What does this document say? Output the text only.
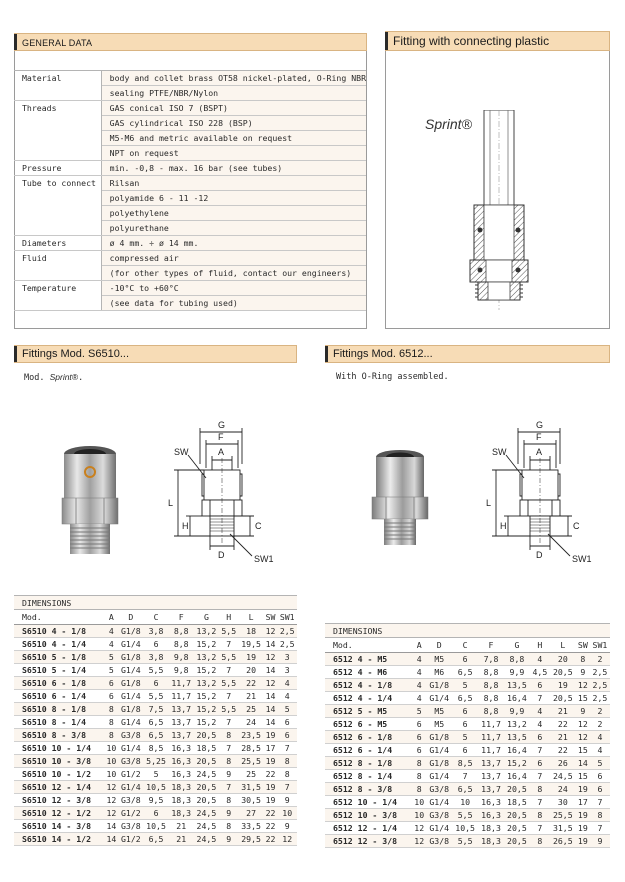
GENERAL DATA
Material	body and collet brass OT58 nickel-plated, O-Ring NBR
	sealing PTFE/NBR/Nylon
Threads	GAS conical ISO 7 (BSPT)
	GAS cylindrical ISO 228 (BSP)
	M5-M6 and metric available on request
	NPT on request
Pressure	min. -0,8 - max. 16 bar (see tubes)
Tube to connect	Rilsan
	polyamide 6 - 11 -12
	polyethylene
	polyurethane
Diameters	ø 4 mm. ÷ ø 14 mm.
Fluid	compressed air
	(for other types of fluid, contact our engineers)
Temperature	-10°C to +60°C
	(see data for tubing used)
Fitting with connecting plastic
Sprint®
Fittings Mod. S6510...
Mod. Sprint®.
G
F
A
SW
L
H	C
D	SW1
DIMENSIONS
Mod.	A	D	C	F	G	H	L	SW	SW1
S6510 4 - 1/8	4	G1/8	3,8	8,8	13,2	5,5	18	12	2,5
S6510 4 - 1/4	4	G1/4	6	8,8	15,2	7	19,5	14	2,5
S6510 5 - 1/8	5	G1/8	3,8	9,8	13,2	5,5	19	12	3
S6510 5 - 1/4	5	G1/4	5,5	9,8	15,2	7	20	14	3
S6510 6 - 1/8	6	G1/8	6	11,7	13,2	5,5	22	12	4
S6510 6 - 1/4	6	G1/4	5,5	11,7	15,2	7	21	14	4
S6510 8 - 1/8	8	G1/8	7,5	13,7	15,2	5,5	25	14	5
S6510 8 - 1/4	8	G1/4	6,5	13,7	15,2	7	24	14	6
S6510 8 - 3/8	8	G3/8	6,5	13,7	20,5	8	23,5	19	6
S6510 10 - 1/4	10	G1/4	8,5	16,3	18,5	7	28,5	17	7
S6510 10 - 3/8	10	G3/8	5,25	16,3	20,5	8	25,5	19	8
S6510 10 - 1/2	10	G1/2	5	16,3	24,5	9	25	22	8
S6510 12 - 1/4	12	G1/4	10,5	18,3	20,5	7	31,5	19	7
S6510 12 - 3/8	12	G3/8	9,5	18,3	20,5	8	30,5	19	9
S6510 12 - 1/2	12	G1/2	6	18,3	24,5	9	27	22	10
S6510 14 - 3/8	14	G3/8	10,5	21	24,5	8	33,5	22	9
S6510 14 - 1/2	14	G1/2	6,5	21	24,5	9	29,5	22	12
Fittings Mod. 6512...
With O-Ring assembled.
G
F
A
SW
L
H	C
D	SW1
DIMENSIONS
Mod.	A	D	C	F	G	H	L	SW	SW1
6512 4 - M5	4	M5	6	7,8	8,8	4	20	8	2
6512 4 - M6	4	M6	6,5	8,8	9,9	4,5	20,5	9	2,5
6512 4 - 1/8	4	G1/8	5	8,8	13,5	6	19	12	2,5
6512 4 - 1/4	4	G1/4	6,5	8,8	16,4	7	20,5	15	2,5
6512 5 - M5	5	M5	6	8,8	9,9	4	21	9	2
6512 6 - M5	6	M5	6	11,7	13,2	4	22	12	2
6512 6 - 1/8	6	G1/8	5	11,7	13,5	6	21	12	4
6512 6 - 1/4	6	G1/4	6	11,7	16,4	7	22	15	4
6512 8 - 1/8	8	G1/8	8,5	13,7	15,2	6	26	14	5
6512 8 - 1/4	8	G1/4	7	13,7	16,4	7	24,5	15	6
6512 8 - 3/8	8	G3/8	6,5	13,7	20,5	8	24	19	6
6512 10 - 1/4	10	G1/4	10	16,3	18,5	7	30	17	7
6512 10 - 3/8	10	G3/8	5,5	16,3	20,5	8	25,5	19	8
6512 12 - 1/4	12	G1/4	10,5	18,3	20,5	7	31,5	19	7
6512 12 - 3/8	12	G3/8	5,5	18,3	20,5	8	26,5	19	9
